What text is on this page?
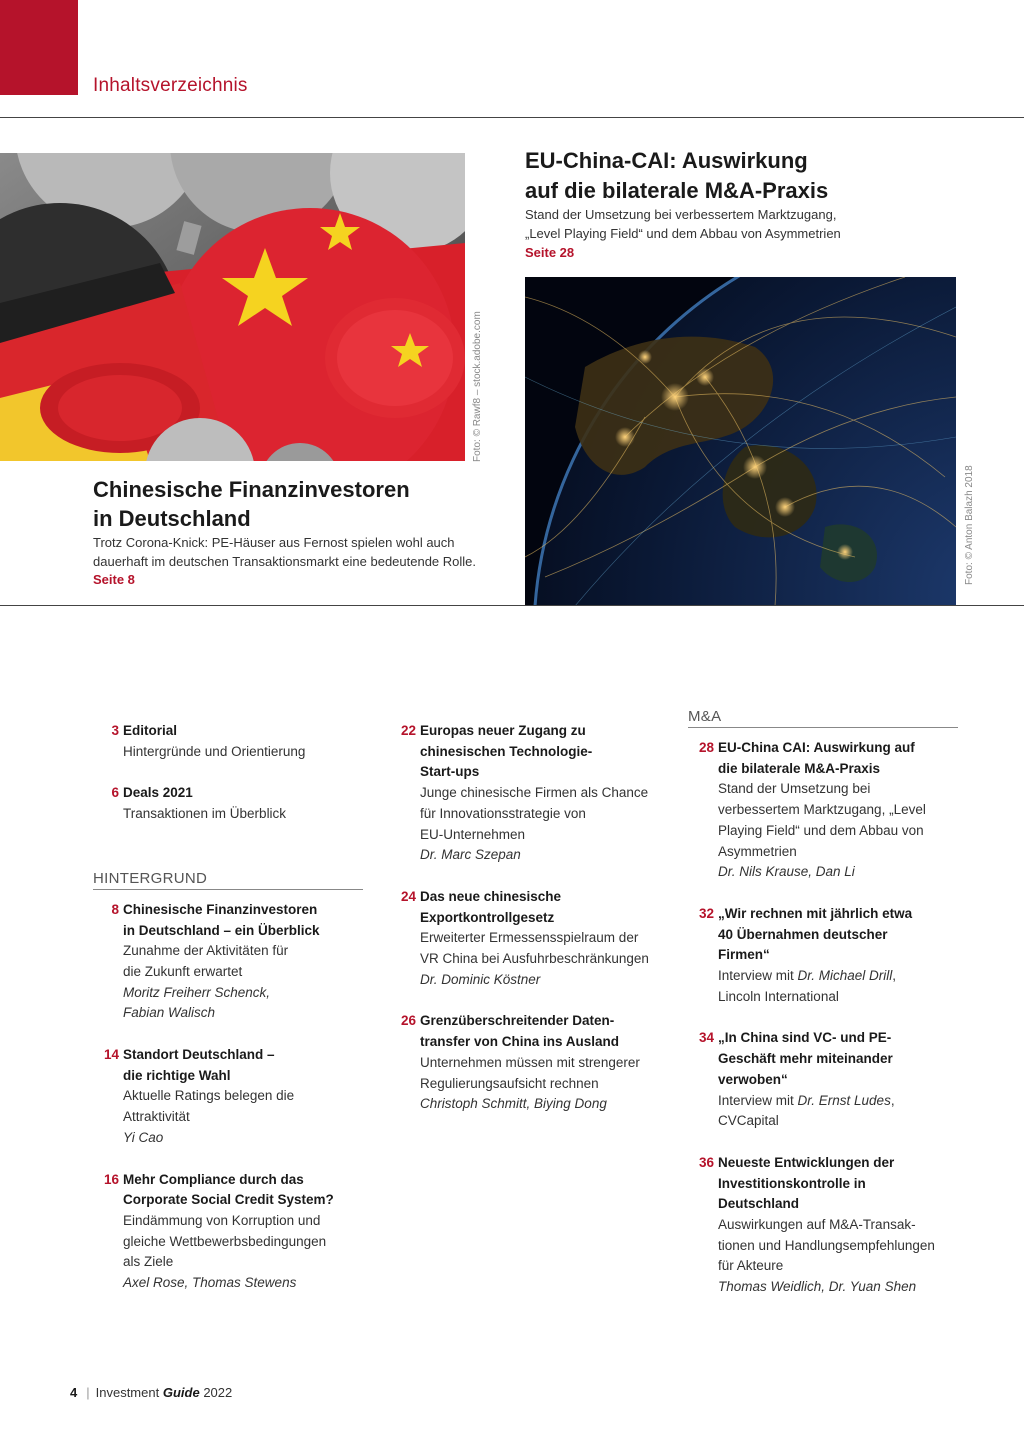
Inhaltsverzeichnis
Foto: © Rawf8 – stock.adobe.com
Chinesische Finanzinvestoren
in Deutschland
Trotz Corona-Knick: PE-Häuser aus Fernost spielen wohl auch
dauerhaft im deutschen Transaktionsmarkt eine bedeutende Rolle.
Seite 8
EU-China-CAI: Auswirkung
auf die bilaterale M&A-Praxis
Stand der Umsetzung bei verbessertem Marktzugang,
„Level Playing Field“ und dem Abbau von Asymmetrien
Seite 28
Foto: © Anton Balazh 2018
3 Editorial
Hintergründe und Orientierung
6 Deals 2021
Transaktionen im Überblick
HINTERGRUND
8 Chinesische Finanzinvestoren
in Deutschland – ein Überblick
Zunahme der Aktivitäten für
die Zukunft erwartet
Moritz Freiherr Schenck,
Fabian Walisch
14 Standort Deutschland –
die richtige Wahl
Aktuelle Ratings belegen die
Attraktivität
Yi Cao
16 Mehr Compliance durch das
Corporate Social Credit System?
Eindämmung von Korruption und
gleiche Wettbewerbsbedingungen
als Ziele
Axel Rose, Thomas Stewens
22 Europas neuer Zugang zu
chinesischen Technologie-
Start-ups
Junge chinesische Firmen als Chance
für Innovationsstrategie von
EU-Unternehmen
Dr. Marc Szepan
24 Das neue chinesische
Exportkontrollgesetz
Erweiterter Ermessensspielraum der
VR China bei Ausfuhrbeschränkungen
Dr. Dominic Köstner
26 Grenzüberschreitender Daten-
transfer von China ins Ausland
Unternehmen müssen mit strengerer
Regulierungsaufsicht rechnen
Christoph Schmitt, Biying Dong
M&A
28 EU-China CAI: Auswirkung auf
die bilaterale M&A-Praxis
Stand der Umsetzung bei
verbessertem Marktzugang, „Level
Playing Field“ und dem Abbau von
Asymmetrien
Dr. Nils Krause, Dan Li
32 „Wir rechnen mit jährlich etwa
40 Übernahmen deutscher
Firmen“
Interview mit Dr. Michael Drill,
Lincoln International
34 „In China sind VC- und PE-
Geschäft mehr miteinander
verwoben“
Interview mit Dr. Ernst Ludes,
CVCapital
36 Neueste Entwicklungen der
Investitionskontrolle in
Deutschland
Auswirkungen auf M&A-Transak-
tionen und Handlungsempfehlungen
für Akteure
Thomas Weidlich, Dr. Yuan Shen
4 | Investment Guide 2022
